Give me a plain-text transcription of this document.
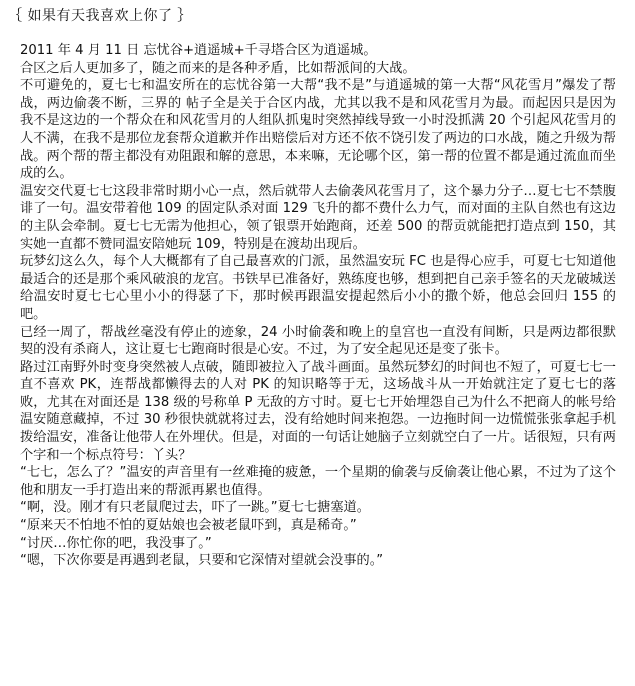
｛ 如果有天我喜欢上你了 ｝

2011 年 4 月 11 日 忘忧谷+逍遥城+千寻塔合区为逍遥城。

合区之后人更加多了，随之而来的是各种矛盾，比如帮派间的大战。

不可避免的，夏七七和温安所在的忘忧谷第一大帮“我不是”与逍遥城的第一大帮“风花雪月”爆发了帮战，两边偷袭不断，三界的 帖子全是关于合区内战，尤其以我不是和风花雪月为最。而起因只是因为我不是这边的一个帮众在和风花雪月的人组队抓鬼时突然掉线导致一小时没抓满 20 个引起风花雪月的人不满，在我不是那位龙套帮众道歉并作出赔偿后对方还不依不饶引发了两边的口水战，随之升级为帮战。两个帮的帮主都没有劝阻跟和解的意思，本来嘛，无论哪个区，第一帮的位置不都是通过流血而坐成的么。

温安交代夏七七这段非常时期小心一点，然后就带人去偷袭风花雪月了，这个暴力分子…夏七七不禁腹诽了一句。温安带着他 109 的固定队杀对面 129 飞升的都不费什么力气，而对面的主队自然也有这边的主队会牵制。夏七七无需为他担心，领了银票开始跑商，还差 500 的帮贡就能把打造点到 150，其实她一直都不赞同温安陪她玩 109，特别是在渡劫出现后。

玩梦幻这么久，每个人大概都有了自己最喜欢的门派，虽然温安玩 FC 也是得心应手，可夏七七知道他最适合的还是那个乘风破浪的龙宫。书铁早已准备好，熟练度也够，想到把自己亲手签名的天龙破城送给温安时夏七七心里小小的得瑟了下，那时候再跟温安提起然后小小的撒个娇，他总会回归 155 的吧。

已经一周了，帮战丝毫没有停止的迹象，24 小时偷袭和晚上的皇宫也一直没有间断，只是两边都很默契的没有杀商人，这让夏七七跑商时很是心安。不过，为了安全起见还是变了张卡。

路过江南野外时变身突然被人点破，随即被拉入了战斗画面。虽然玩梦幻的时间也不短了，可夏七七一直不喜欢 PK，连帮战都懒得去的人对 PK 的知识略等于无，这场战斗从一开始就注定了夏七七的落败，尤其在对面还是 138 级的号称单 P 无敌的方寸时。夏七七开始埋怨自己为什么不把商人的帐号给温安随意藏掉，不过 30 秒很快就就将过去，没有给她时间来抱怨。一边拖时间一边慌慌张张拿起手机拨给温安，准备让他带人在外埋伏。但是，对面的一句话让她脑子立刻就空白了一片。话很短，只有两个字和一个标点符号：丫头？

“七七，怎么了？”温安的声音里有一丝难掩的疲惫，一个星期的偷袭与反偷袭让他心累，不过为了这个他和朋友一手打造出来的帮派再累也值得。

“啊，没。刚才有只老鼠爬过去，吓了一跳。”夏七七搪塞道。

“原来天不怕地不怕的夏姑娘也会被老鼠吓到，真是稀奇。”

“讨厌…你忙你的吧，我没事了。”

“嗯，下次你要是再遇到老鼠，只要和它深情对望就会没事的。”
